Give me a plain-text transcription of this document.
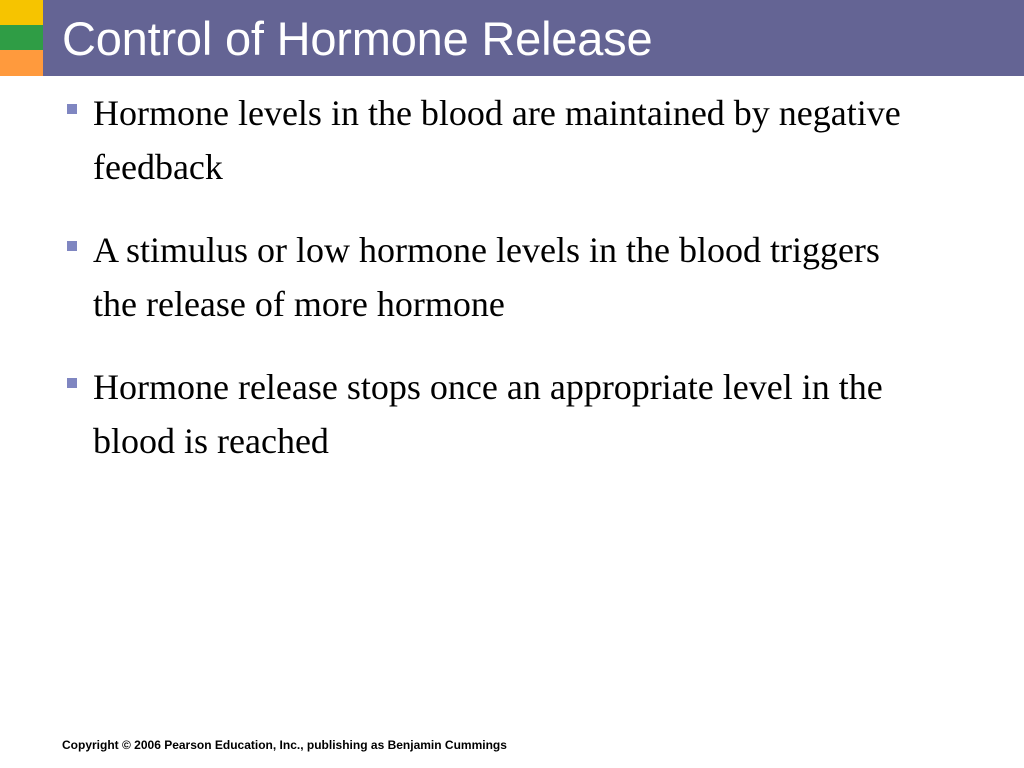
Control of Hormone Release
Hormone levels in the blood are maintained by negative feedback
A stimulus or low hormone levels in the blood triggers the release of more hormone
Hormone release stops once an appropriate level in the blood is reached
Copyright © 2006 Pearson Education, Inc., publishing as Benjamin Cummings
